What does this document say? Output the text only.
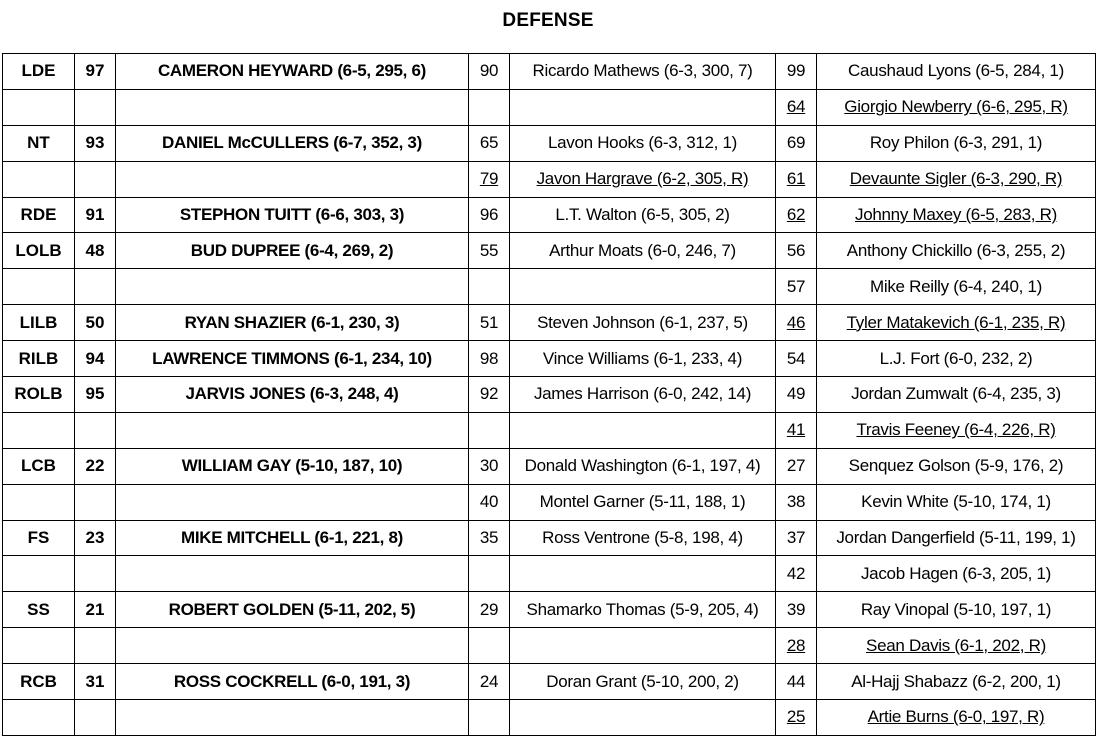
DEFENSE
LDE	97	CAMERON HEYWARD (6-5, 295, 6)	90	Ricardo Mathews (6-3, 300, 7)	99	Caushaud Lyons (6-5, 284, 1)
					64	Giorgio Newberry (6-6, 295, R)
NT	93	DANIEL McCULLERS (6-7, 352, 3)	65	Lavon Hooks (6-3, 312, 1)	69	Roy Philon (6-3, 291, 1)
			79	Javon Hargrave (6-2, 305, R)	61	Devaunte Sigler (6-3, 290, R)
RDE	91	STEPHON TUITT (6-6, 303, 3)	96	L.T. Walton (6-5, 305, 2)	62	Johnny Maxey (6-5, 283, R)
LOLB	48	BUD DUPREE (6-4, 269, 2)	55	Arthur Moats (6-0, 246, 7)	56	Anthony Chickillo (6-3, 255, 2)
					57	Mike Reilly (6-4, 240, 1)
LILB	50	RYAN SHAZIER (6-1, 230, 3)	51	Steven Johnson (6-1, 237, 5)	46	Tyler Matakevich (6-1, 235, R)
RILB	94	LAWRENCE TIMMONS (6-1, 234, 10)	98	Vince Williams (6-1, 233, 4)	54	L.J. Fort (6-0, 232, 2)
ROLB	95	JARVIS JONES (6-3, 248, 4)	92	James Harrison (6-0, 242, 14)	49	Jordan Zumwalt (6-4, 235, 3)
					41	Travis Feeney (6-4, 226, R)
LCB	22	WILLIAM GAY (5-10, 187, 10)	30	Donald Washington (6-1, 197, 4)	27	Senquez Golson (5-9, 176, 2)
			40	Montel Garner (5-11, 188, 1)	38	Kevin White (5-10, 174, 1)
FS	23	MIKE MITCHELL (6-1, 221, 8)	35	Ross Ventrone (5-8, 198, 4)	37	Jordan Dangerfield (5-11, 199, 1)
					42	Jacob Hagen (6-3, 205, 1)
SS	21	ROBERT GOLDEN (5-11, 202, 5)	29	Shamarko Thomas (5-9, 205, 4)	39	Ray Vinopal (5-10, 197, 1)
					28	Sean Davis (6-1, 202, R)
RCB	31	ROSS COCKRELL (6-0, 191, 3)	24	Doran Grant (5-10, 200, 2)	44	Al-Hajj Shabazz (6-2, 200, 1)
					25	Artie Burns (6-0, 197, R)
